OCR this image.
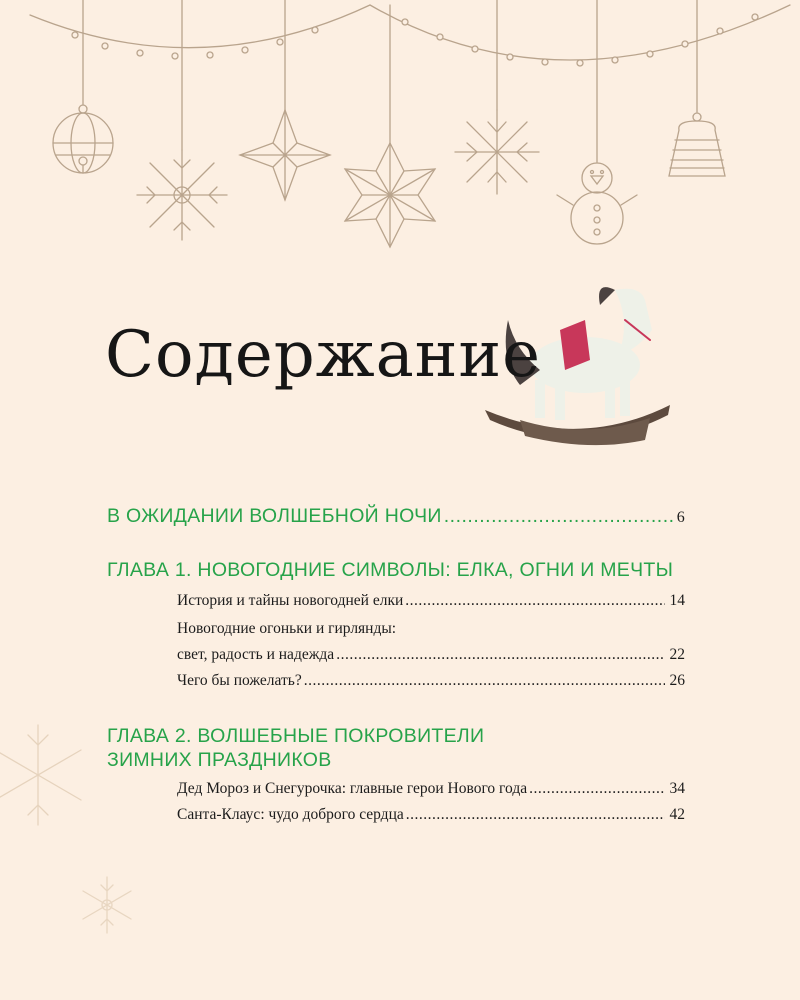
Содержание
В ОЖИДАНИИ ВОЛШЕБНОЙ НОЧИ .....	6
ГЛАВА 1. НОВОГОДНИЕ СИМВОЛЫ: ЕЛКА, ОГНИ И МЕЧТЫ
История и тайны новогодней елки .....	14
Новогодние огоньки и гирлянды:
свет, радость и надежда .....	22
Чего бы пожелать? .....	26
ГЛАВА 2. ВОЛШЕБНЫЕ ПОКРОВИТЕЛИ
ЗИМНИХ ПРАЗДНИКОВ
Дед Мороз и Снегурочка: главные герои Нового года .....	34
Санта-Клаус: чудо доброго сердца .....	42
